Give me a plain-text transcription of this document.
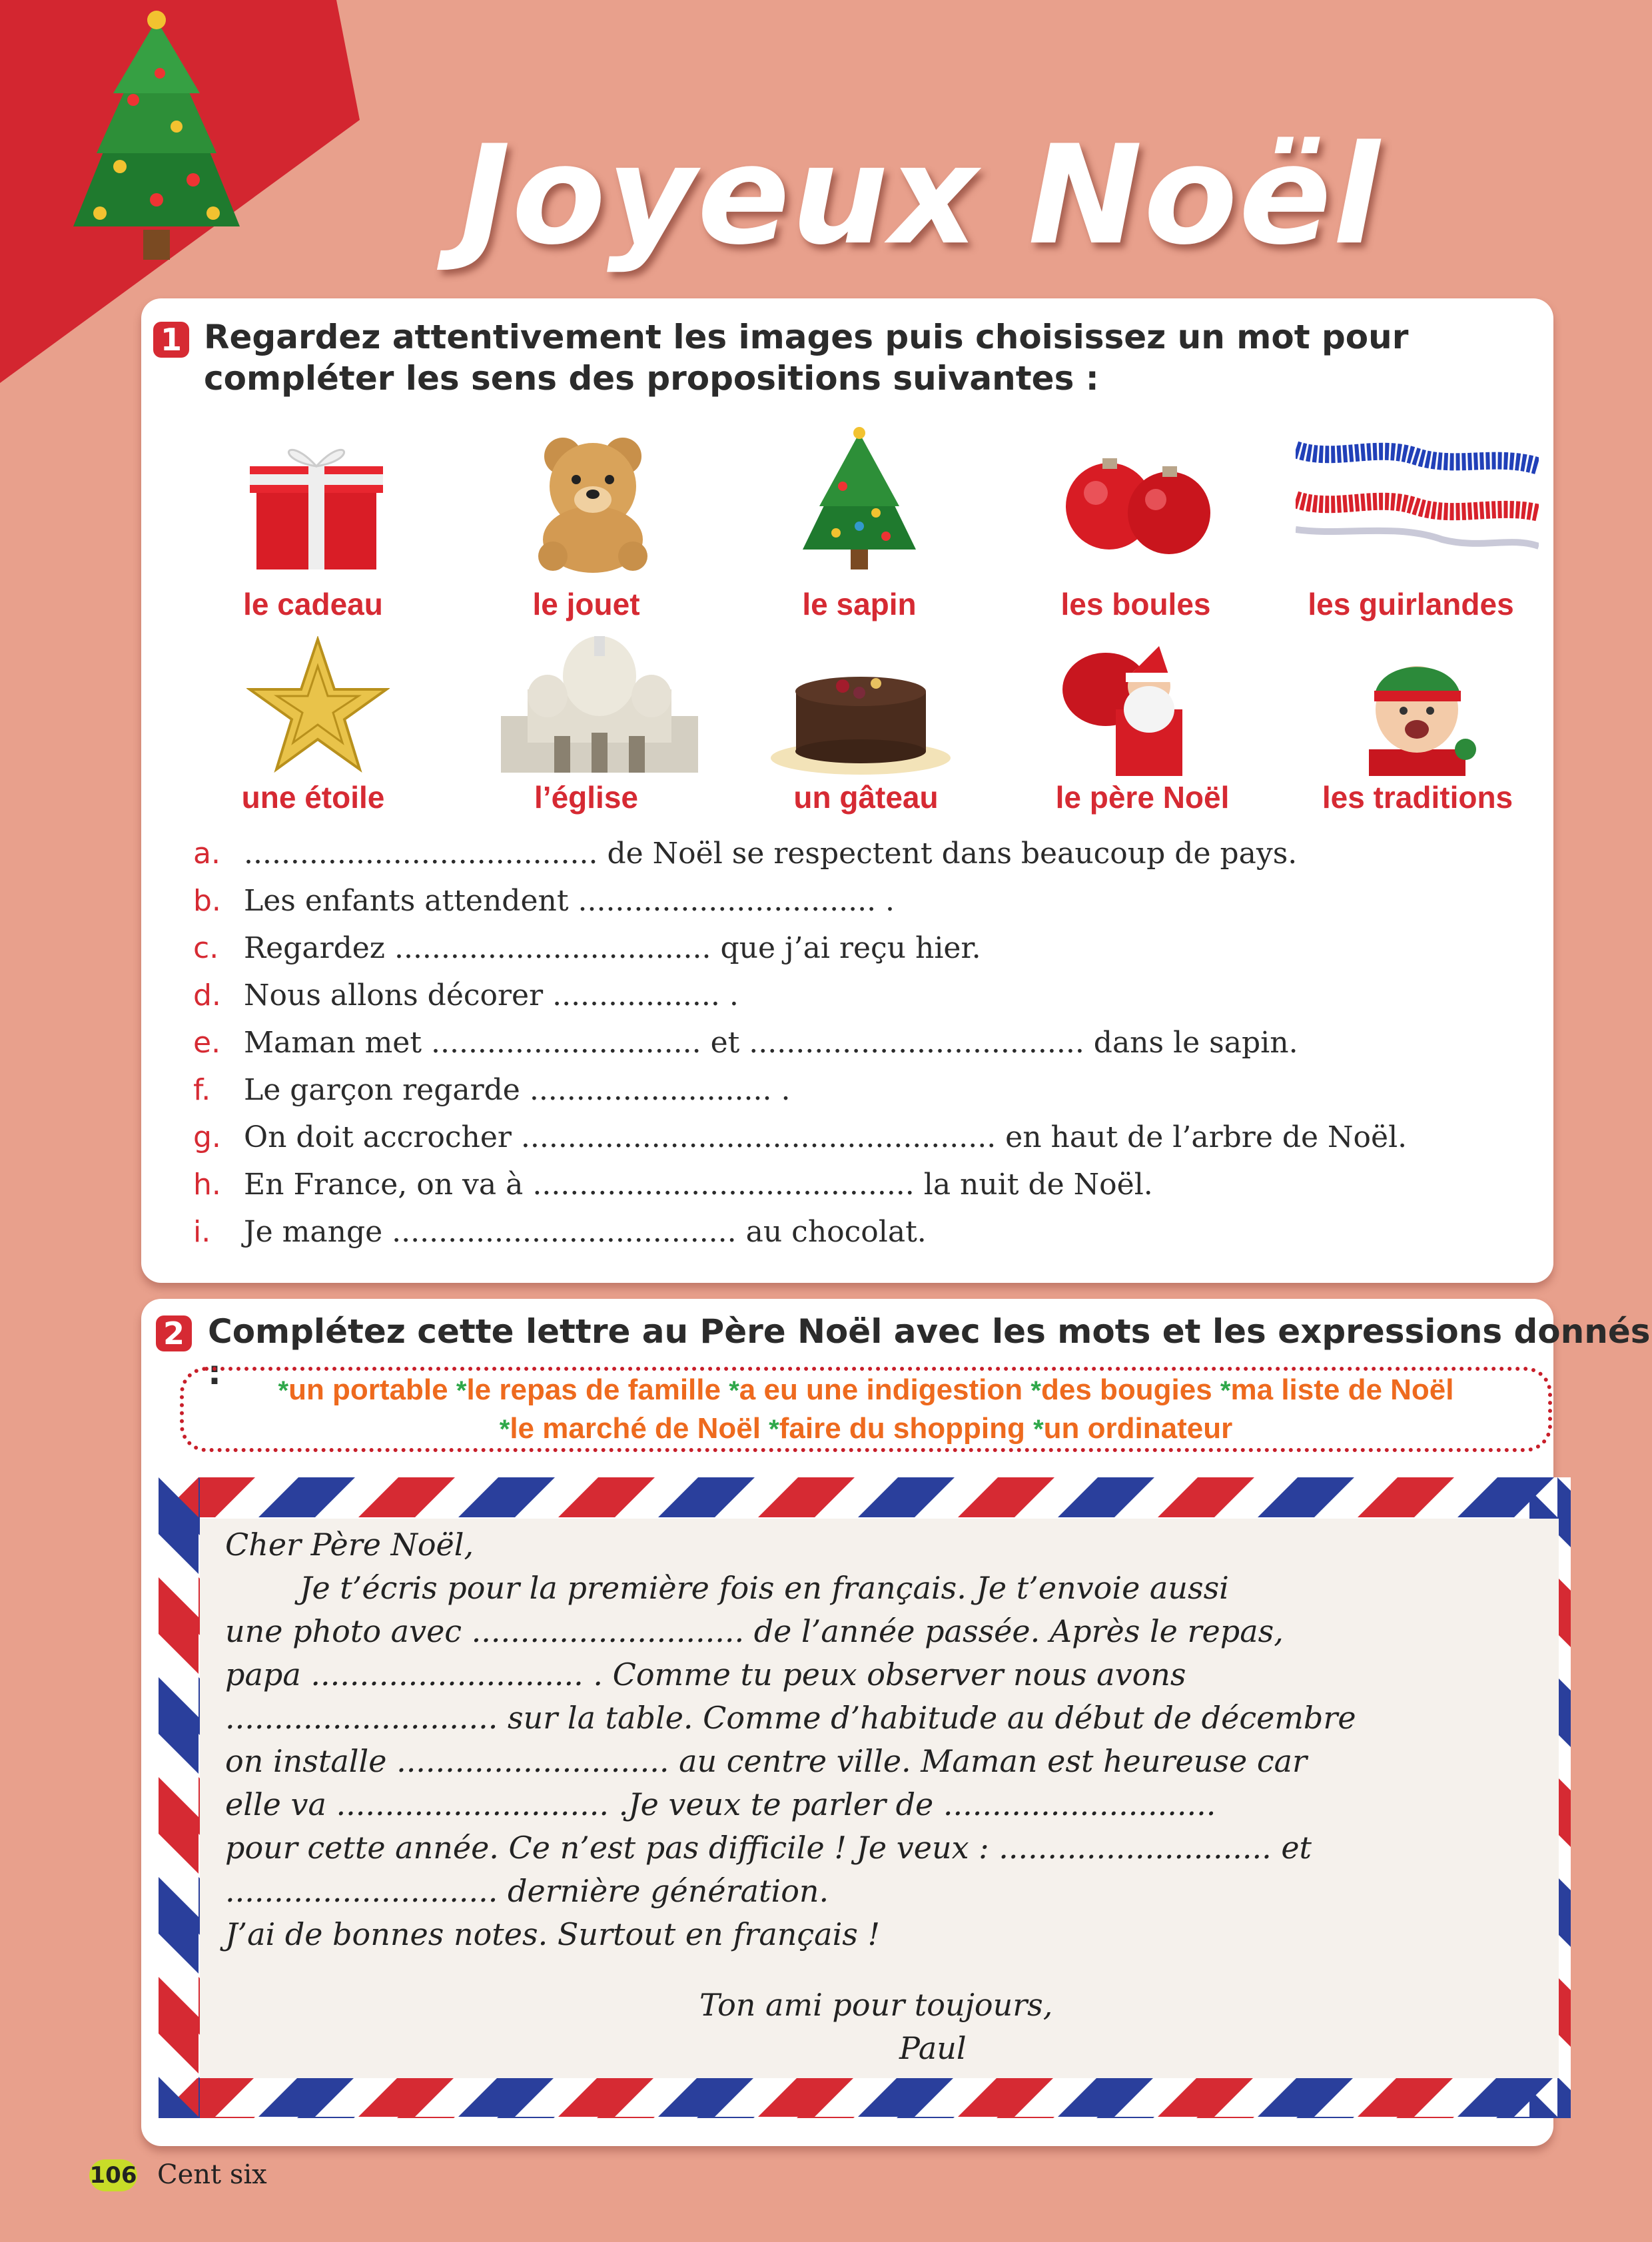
Joyeux Noël
1 Regardez attentivement les images puis choisissez un mot pour
compléter les sens des propositions suivantes :
le cadeau	le jouet	le sapin	les boules	les guirlandes
une étoile	l’église	un gâteau	le père Noël	les traditions
a. ...................................... de Noël se respectent dans beaucoup de pays.
b. Les enfants attendent ................................ .
c. Regardez .................................. que j’ai reçu hier.
d. Nous allons décorer .................. .
e. Maman met ............................. et .................................... dans le sapin.
f. Le garçon regarde .......................... .
g. On doit accrocher ................................................... en haut de l’arbre de Noël.
h. En France, on va à ......................................... la nuit de Noël.
i. Je mange ..................................... au chocolat.
2 Complétez cette lettre au Père Noël avec les mots et les expressions donnés :	*un portable *le repas de famille *a eu une indigestion *des bougies *ma liste de Noël
*le marché de Noël *faire du shopping *un ordinateur
Cher Père Noël,
Je t’écris pour la première fois en français. Je t’envoie aussi
une photo avec ............................ de l’année passée. Après le repas,
papa ............................ . Comme tu peux observer nous avons
............................ sur la table. Comme d’habitude au début de décembre
on installe ............................ au centre ville. Maman est heureuse car
elle va ............................ .Je veux te parler de ............................
pour cette année. Ce n’est pas difficile ! Je veux : ............................ et
............................ dernière génération.
J’ai de bonnes notes. Surtout en français !
Ton ami pour toujours,
Paul
106 Cent six
